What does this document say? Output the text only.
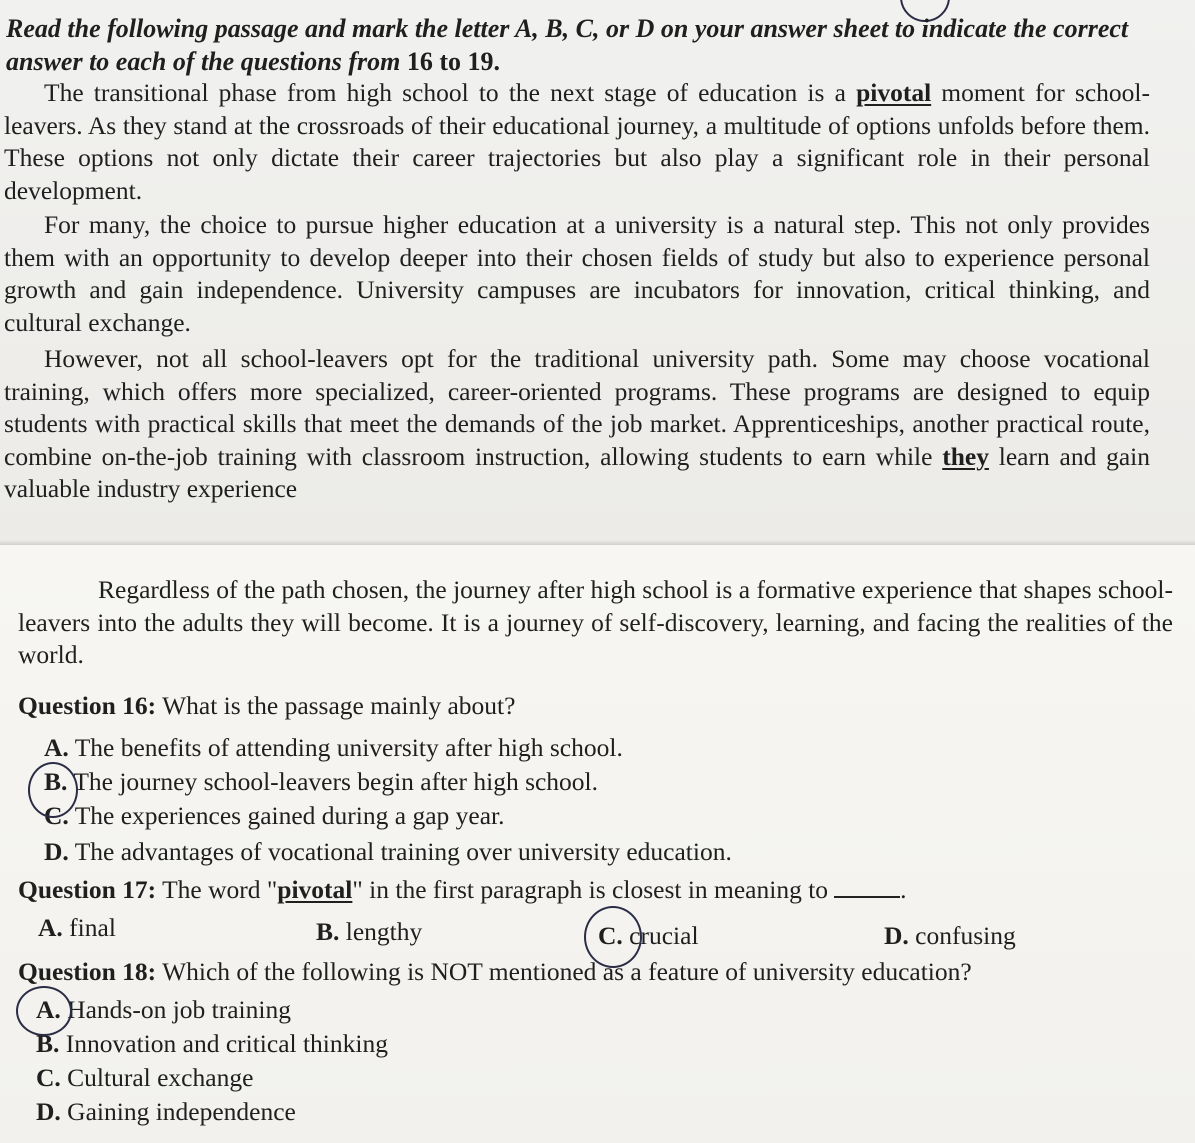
Read the following passage and mark the letter A, B, C, or D on your answer sheet to indicate the correct answer to each of the questions from 16 to 19.
The transitional phase from high school to the next stage of education is a pivotal moment for school-leavers. As they stand at the crossroads of their educational journey, a multitude of options unfolds before them. These options not only dictate their career trajectories but also play a significant role in their personal development.
For many, the choice to pursue higher education at a university is a natural step. This not only provides them with an opportunity to develop deeper into their chosen fields of study but also to experience personal growth and gain independence. University campuses are incubators for innovation, critical thinking, and cultural exchange.
However, not all school-leavers opt for the traditional university path. Some may choose vocational training, which offers more specialized, career-oriented programs. These programs are designed to equip students with practical skills that meet the demands of the job market. Apprenticeships, another practical route, combine on-the-job training with classroom instruction, allowing students to earn while they learn and gain valuable industry experience
Regardless of the path chosen, the journey after high school is a formative experience that shapes school-leavers into the adults they will become. It is a journey of self-discovery, learning, and facing the realities of the world.
Question 16: What is the passage mainly about?
A. The benefits of attending university after high school.
B. The journey school-leavers begin after high school.
C. The experiences gained during a gap year.
D. The advantages of vocational training over university education.
Question 17: The word "pivotal" in the first paragraph is closest in meaning to	.
A. final	B. lengthy	C. crucial	D. confusing
Question 18: Which of the following is NOT mentioned as a feature of university education?
A. Hands-on job training
B. Innovation and critical thinking
C. Cultural exchange
D. Gaining independence
